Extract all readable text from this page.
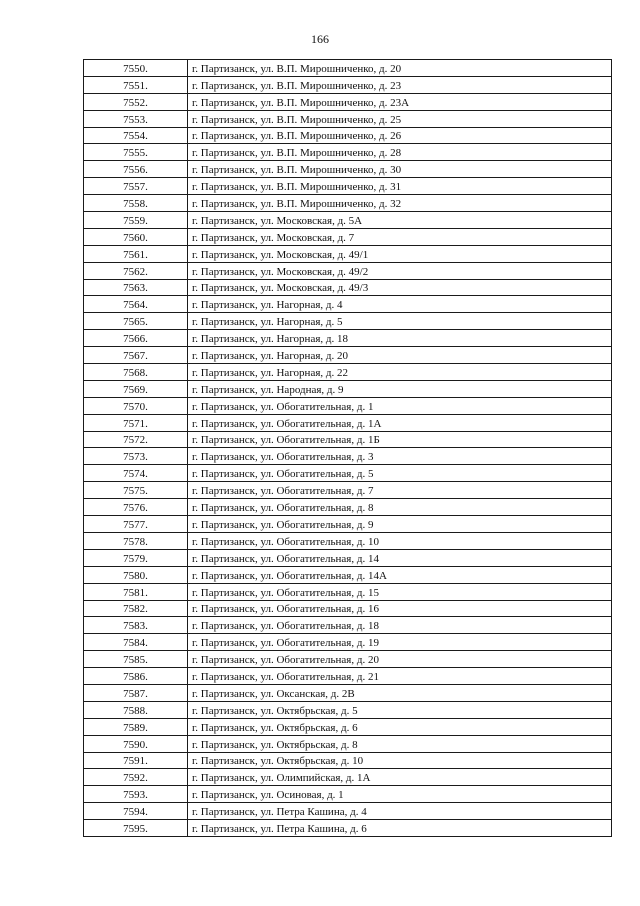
166
7550.	г. Партизанск, ул. В.П. Мирошниченко, д. 20
7551.	г. Партизанск, ул. В.П. Мирошниченко, д. 23
7552.	г. Партизанск, ул. В.П. Мирошниченко, д. 23А
7553.	г. Партизанск, ул. В.П. Мирошниченко, д. 25
7554.	г. Партизанск, ул. В.П. Мирошниченко, д. 26
7555.	г. Партизанск, ул. В.П. Мирошниченко, д. 28
7556.	г. Партизанск, ул. В.П. Мирошниченко, д. 30
7557.	г. Партизанск, ул. В.П. Мирошниченко, д. 31
7558.	г. Партизанск, ул. В.П. Мирошниченко, д. 32
7559.	г. Партизанск, ул. Московская, д. 5А
7560.	г. Партизанск, ул. Московская, д. 7
7561.	г. Партизанск, ул. Московская, д. 49/1
7562.	г. Партизанск, ул. Московская, д. 49/2
7563.	г. Партизанск, ул. Московская, д. 49/3
7564.	г. Партизанск, ул. Нагорная, д. 4
7565.	г. Партизанск, ул. Нагорная, д. 5
7566.	г. Партизанск, ул. Нагорная, д. 18
7567.	г. Партизанск, ул. Нагорная, д. 20
7568.	г. Партизанск, ул. Нагорная, д. 22
7569.	г. Партизанск, ул. Народная, д. 9
7570.	г. Партизанск, ул. Обогатительная, д. 1
7571.	г. Партизанск, ул. Обогатительная, д. 1А
7572.	г. Партизанск, ул. Обогатительная, д. 1Б
7573.	г. Партизанск, ул. Обогатительная, д. 3
7574.	г. Партизанск, ул. Обогатительная, д. 5
7575.	г. Партизанск, ул. Обогатительная, д. 7
7576.	г. Партизанск, ул. Обогатительная, д. 8
7577.	г. Партизанск, ул. Обогатительная, д. 9
7578.	г. Партизанск, ул. Обогатительная, д. 10
7579.	г. Партизанск, ул. Обогатительная, д. 14
7580.	г. Партизанск, ул. Обогатительная, д. 14А
7581.	г. Партизанск, ул. Обогатительная, д. 15
7582.	г. Партизанск, ул. Обогатительная, д. 16
7583.	г. Партизанск, ул. Обогатительная, д. 18
7584.	г. Партизанск, ул. Обогатительная, д. 19
7585.	г. Партизанск, ул. Обогатительная, д. 20
7586.	г. Партизанск, ул. Обогатительная, д. 21
7587.	г. Партизанск, ул. Оксанская, д. 2В
7588.	г. Партизанск, ул. Октябрьская, д. 5
7589.	г. Партизанск, ул. Октябрьская, д. 6
7590.	г. Партизанск, ул. Октябрьская, д. 8
7591.	г. Партизанск, ул. Октябрьская, д. 10
7592.	г. Партизанск, ул. Олимпийская, д. 1А
7593.	г. Партизанск, ул. Осиновая, д. 1
7594.	г. Партизанск, ул. Петра Кашина, д. 4
7595.	г. Партизанск, ул. Петра Кашина, д. 6
